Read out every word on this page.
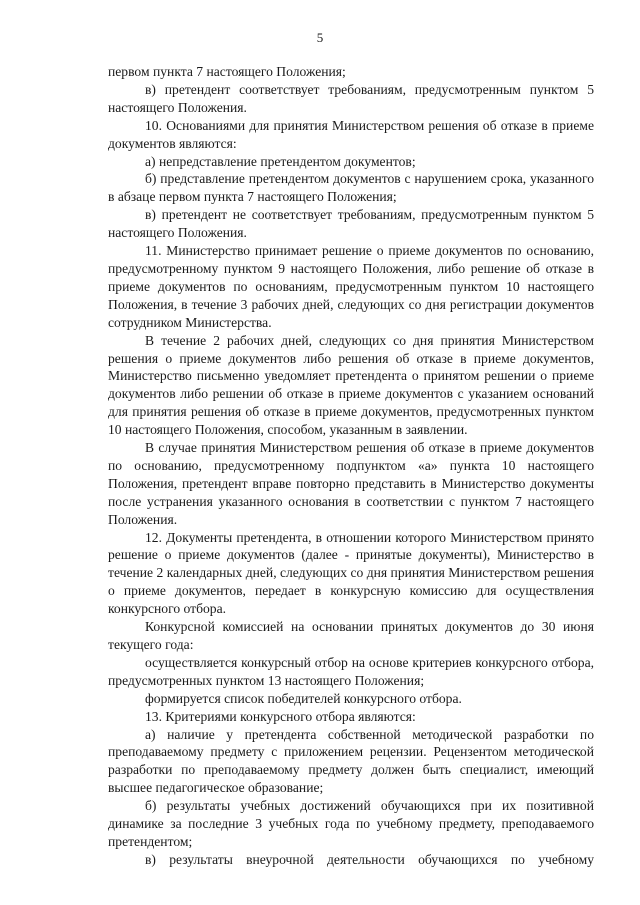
5

первом пункта 7 настоящего Положения;

в) претендент соответствует требованиям, предусмотренным пунктом 5 настоящего Положения.

10. Основаниями для принятия Министерством решения об отказе в приеме документов являются:

а) непредставление претендентом документов;

б) представление претендентом документов с нарушением срока, указанного в абзаце первом пункта 7 настоящего Положения;

в) претендент не соответствует требованиям, предусмотренным пунктом 5 настоящего Положения.

11. Министерство принимает решение о приеме документов по основанию, предусмотренному пунктом 9 настоящего Положения, либо решение об отказе в приеме документов по основаниям, предусмотренным пунктом 10 настоящего Положения, в течение 3 рабочих дней, следующих со дня регистрации документов сотрудником Министерства.

В течение 2 рабочих дней, следующих со дня принятия Министерством решения о приеме документов либо решения об отказе в приеме документов, Министерство письменно уведомляет претендента о принятом решении о приеме документов либо решении об отказе в приеме документов с указанием оснований для принятия решения об отказе в приеме документов, предусмотренных пунктом 10 настоящего Положения, способом, указанным в заявлении.

В случае принятия Министерством решения об отказе в приеме документов по основанию, предусмотренному подпунктом «а» пункта 10 настоящего Положения, претендент вправе повторно представить в Министерство документы после устранения указанного основания в соответствии с пунктом 7 настоящего Положения.

12. Документы претендента, в отношении которого Министерством принято решение о приеме документов (далее - принятые документы), Министерство в течение 2 календарных дней, следующих со дня принятия Министерством решения о приеме документов, передает в конкурсную комиссию для осуществления конкурсного отбора.

Конкурсной комиссией на основании принятых документов до 30 июня текущего года:

осуществляется конкурсный отбор на основе критериев конкурсного отбора, предусмотренных пунктом 13 настоящего Положения;

формируется список победителей конкурсного отбора.

13. Критериями конкурсного отбора являются:

а) наличие у претендента собственной методической разработки по преподаваемому предмету с приложением рецензии. Рецензентом методической разработки по преподаваемому предмету должен быть специалист, имеющий высшее педагогическое образование;

б) результаты учебных достижений обучающихся при их позитивной динамике за последние 3 учебных года по учебному предмету, преподаваемого претендентом;

в) результаты внеурочной деятельности обучающихся по учебному
